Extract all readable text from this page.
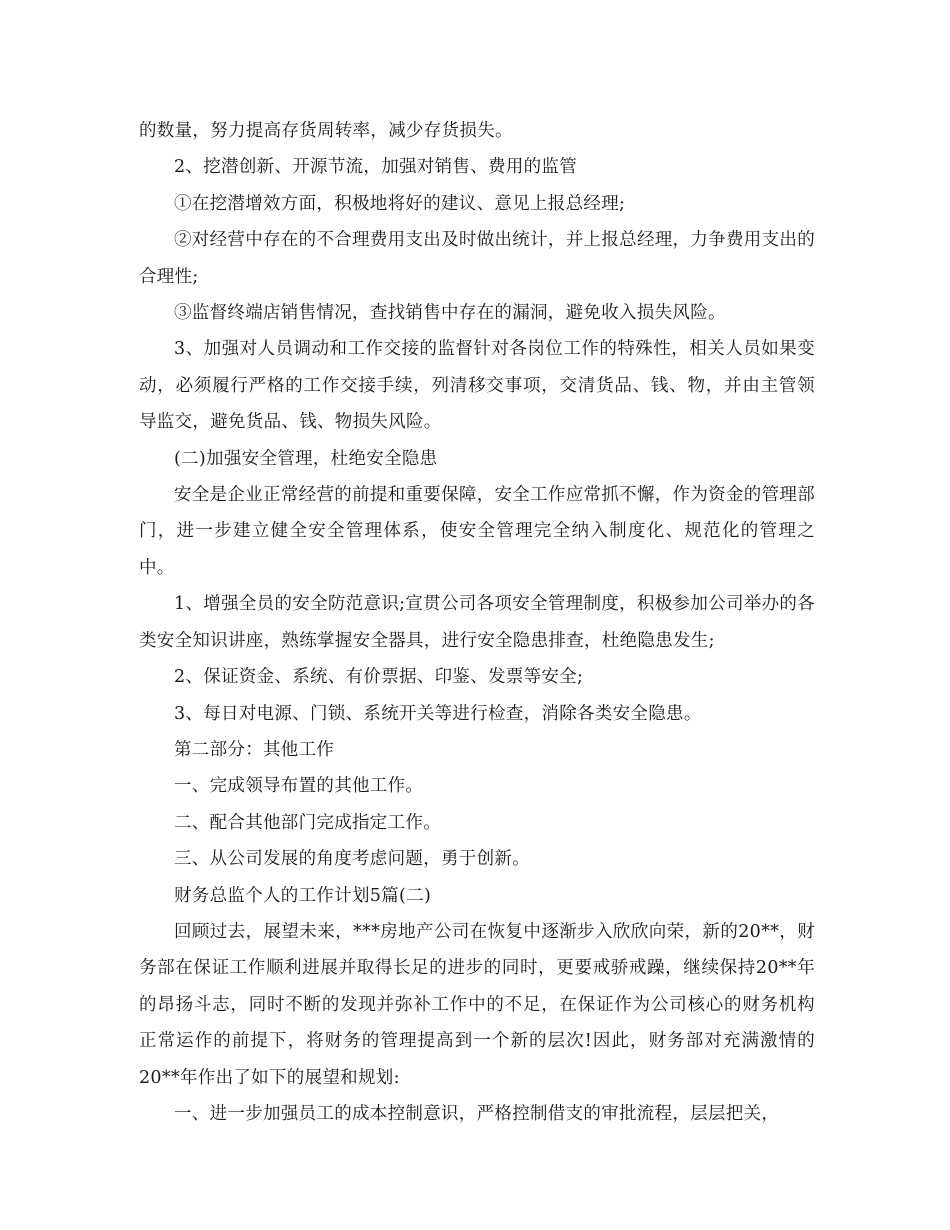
的数量，努力提高存货周转率，减少存货损失。

2、挖潜创新、开源节流，加强对销售、费用的监管

①在挖潜增效方面，积极地将好的建议、意见上报总经理;

②对经营中存在的不合理费用支出及时做出统计，并上报总经理，力争费用支出的合理性;

③监督终端店销售情况，查找销售中存在的漏洞，避免收入损失风险。

3、加强对人员调动和工作交接的监督针对各岗位工作的特殊性，相关人员如果变动，必须履行严格的工作交接手续，列清移交事项，交清货品、钱、物，并由主管领导监交，避免货品、钱、物损失风险。

(二)加强安全管理，杜绝安全隐患

安全是企业正常经营的前提和重要保障，安全工作应常抓不懈，作为资金的管理部门，进一步建立健全安全管理体系，使安全管理完全纳入制度化、规范化的管理之中。

1、增强全员的安全防范意识;宣贯公司各项安全管理制度，积极参加公司举办的各类安全知识讲座，熟练掌握安全器具，进行安全隐患排查，杜绝隐患发生;

2、保证资金、系统、有价票据、印鉴、发票等安全;

3、每日对电源、门锁、系统开关等进行检查，消除各类安全隐患。

第二部分：其他工作

一、完成领导布置的其他工作。

二、配合其他部门完成指定工作。

三、从公司发展的角度考虑问题，勇于创新。

财务总监个人的工作计划5篇(二)

回顾过去，展望未来，***房地产公司在恢复中逐渐步入欣欣向荣，新的20**，财务部在保证工作顺利进展并取得长足的进步的同时，更要戒骄戒躁，继续保持20**年的昂扬斗志，同时不断的发现并弥补工作中的不足，在保证作为公司核心的财务机构正常运作的前提下，将财务的管理提高到一个新的层次!因此，财务部对充满激情的20**年作出了如下的展望和规划:

一、进一步加强员工的成本控制意识，严格控制借支的审批流程，层层把关，
